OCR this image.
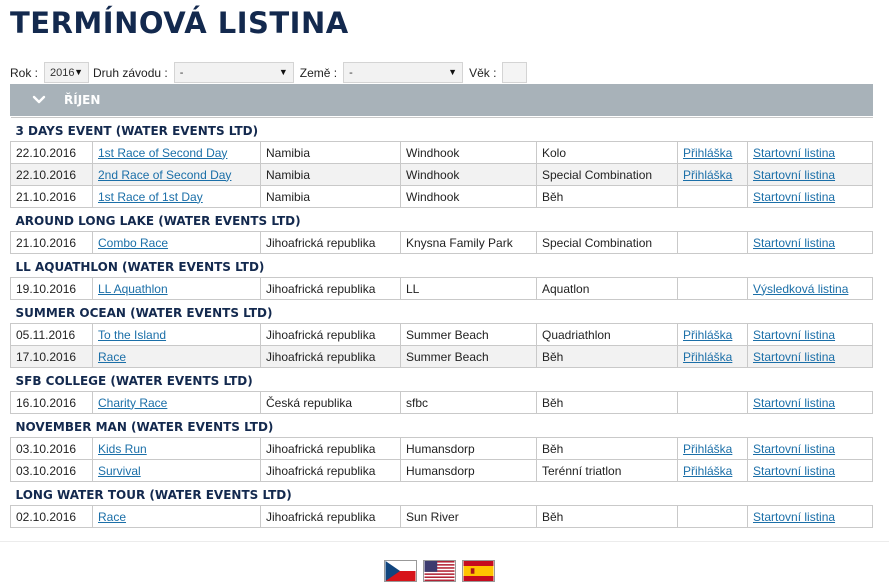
TERMÍNOVÁ LISTINA
Rok : 2016 ▼ Druh závodu : -	▼ Země : -	▼ Věk :
ŘÍJEN
3 DAYS EVENT (WATER EVENTS LTD)						
22.10.2016	1st Race of Second Day	Namibia	Windhook	Kolo	Přihláška	Startovní listina
22.10.2016	2nd Race of Second Day	Namibia	Windhook	Special Combination	Přihláška	Startovní listina
21.10.2016	1st Race of 1st Day	Namibia	Windhook	Běh		Startovní listina
AROUND LONG LAKE (WATER EVENTS LTD)						
21.10.2016	Combo Race	Jihoafrická republika	Knysna Family Park	Special Combination		Startovní listina
LL AQUATHLON (WATER EVENTS LTD)						
19.10.2016	LL Aquathlon	Jihoafrická republika	LL	Aquatlon		Výsledková listina
SUMMER OCEAN (WATER EVENTS LTD)						
05.11.2016	To the Island	Jihoafrická republika	Summer Beach	Quadriathlon	Přihláška	Startovní listina
17.10.2016	Race	Jihoafrická republika	Summer Beach	Běh	Přihláška	Startovní listina
SFB COLLEGE (WATER EVENTS LTD)						
16.10.2016	Charity Race	Česká republika	sfbc	Běh		Startovní listina
NOVEMBER MAN (WATER EVENTS LTD)						
03.10.2016	Kids Run	Jihoafrická republika	Humansdorp	Běh	Přihláška	Startovní listina
03.10.2016	Survival	Jihoafrická republika	Humansdorp	Terénní triatlon	Přihláška	Startovní listina
LONG WATER TOUR (WATER EVENTS LTD)						
02.10.2016	Race	Jihoafrická republika	Sun River	Běh		Startovní listina
